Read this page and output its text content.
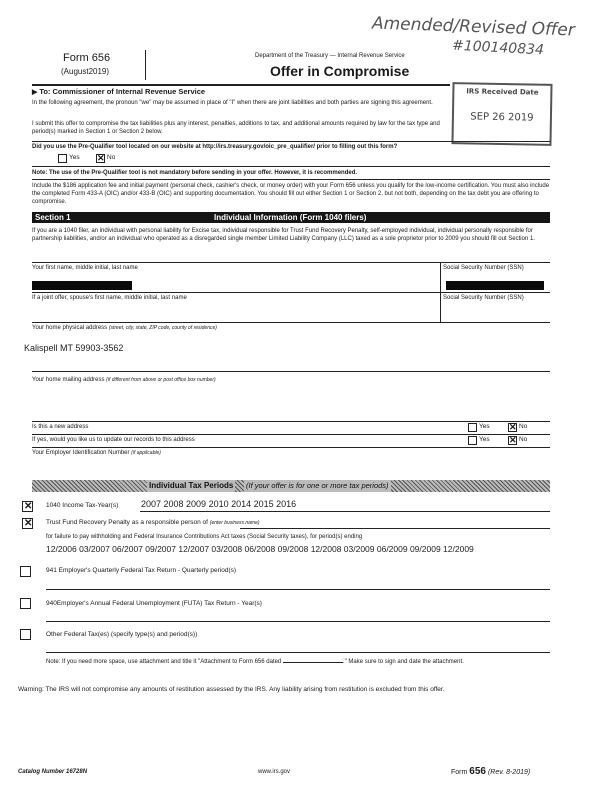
Amended/Revised Offer
#100140834
Form 656
(August2019)
Department of the Treasury — Internal Revenue Service
Offer in Compromise
IRS Received Date
SEP 26 2019
▶ To: Commissioner of Internal Revenue Service
In the following agreement, the pronoun "we" may be assumed in place of "I" when there are joint liabilities and both parties are signing this agreement.
I submit this offer to compromise the tax liabilities plus any interest, penalties, additions to tax, and additional amounts required by law for the tax type and period(s) marked in Section 1 or Section 2 below.
Did you use the Pre-Qualifier tool located on our website at http://irs.treasury.gov/oic_pre_qualifier/ prior to filling out this form?
Yes ✕	No
Note: The use of the Pre-Qualifier tool is not mandatory before sending in your offer. However, it is recommended.
Include the $186 application fee and initial payment (personal check, cashier's check, or money order) with your Form 656 unless you qualify for the low-income certification. You must also include the completed Form 433-A (OIC) and/or 433-B (OIC) and supporting documentation. You should fill out either Section 1 or Section 2, but not both, depending on the tax debt you are offering to compromise.
Section 1	Individual Information (Form 1040 filers)
If you are a 1040 filer, an individual with personal liability for Excise tax, individual responsible for Trust Fund Recovery Penalty, self-employed individual, individual personally responsible for partnership liabilities, and/or an individual who operated as a disregarded single member Limited Liability Company (LLC) taxed as a sole proprietor prior to 2009 you should fill out Section 1.
Your first name, middle initial, last name	Social Security Number (SSN)
If a joint offer, spouse's first name, middle initial, last name	Social Security Number (SSN)
Your home physical address (street, city, state, ZIP code, county of residence)
Kalispell MT 59903-3562
Your home mailing address (if different from above or post office box number)
Is this a new address	Yes ✕	No
If yes, would you like us to update our records to this address	Yes ✕	No
Your Employer Identification Number (if applicable)
Individual Tax Periods (If your offer is for one or more tax periods)
✕
1040 Income Tax-Year(s)	2007 2008 2009 2010 2014 2015 2016
✕
Trust Fund Recovery Penalty as a responsible person of (enter business name)
for failure to pay withholding and Federal Insurance Contributions Act taxes (Social Security taxes), for period(s) ending
12/2006 03/2007 06/2007 09/2007 12/2007 03/2008 06/2008 09/2008 12/2008 03/2009 06/2009 09/2009 12/2009
941 Employer's Quarterly Federal Tax Return - Quarterly period(s)
940Employer's Annual Federal Unemployment (FUTA) Tax Return - Year(s)
Other Federal Tax(es) (specify type(s) and period(s))
Note: If you need more space, use attachment and title it "Attachment to Form 656 dated	." Make sure to sign and date the attachment.
Warning: The IRS will not compromise any amounts of restitution assessed by the IRS. Any liability arising from restitution is excluded from this offer.
Catalog Number 16728N	www.irs.gov	Form 656 (Rev. 8-2019)
